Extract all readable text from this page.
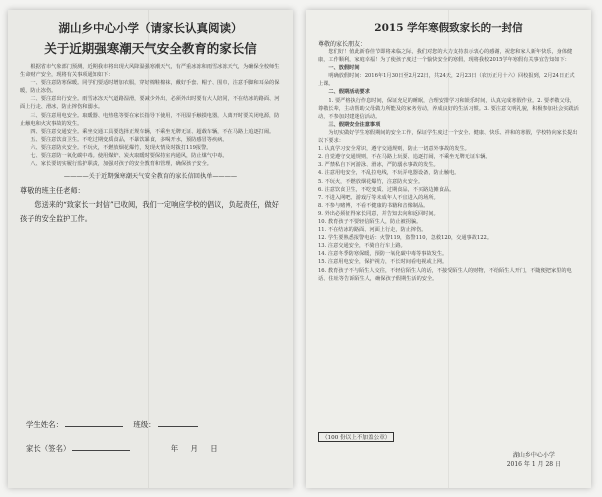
湖山乡中心小学（请家长认真阅读）
关于近期强寒潮天气安全教育的家长信

根据省市气象部门预测，近期我市将出现大风降温强寒潮天气，有严重冰冻和雨雪冰冻天气，为确保全校师生生命财产安全，现将有关事项通知如下：

一、要注意防寒保暖。同学们要适时增加衣服，穿好棉鞋棉袜，戴好手套、帽子、围巾，注意手脚和耳朵的保暖，防止冻伤。

二、要注意出行安全。雨雪冰冻天气道路湿滑，要减少外出，必须外出时要有大人陪同，不在结冰的路面、河面上行走、滑冰，防止摔伤和溺水。

三、要注意用电安全。取暖器、电热毯等要在家长指导下使用，不用湿手触摸电器，人离开时要关闭电源，防止触电和火灾事故的发生。

四、要注意交通安全。乘坐交通工具要选择正规车辆，不乘坐无牌无证、超载车辆，不在马路上追逐打闹。

五、要注意饮食卫生。不吃过期变质食品，不暴饮暴食，多喝开水，预防感冒等疾病。

六、要注意防火安全。不玩火，不燃放烟花爆竹，发现火情及时拨打119报警。

七、要注意防一氧化碳中毒。使用煤炉、炭火取暖时要保持室内通风，防止煤气中毒。

八、家长要切实履行监护职责，加强对孩子的安全教育和管理，确保孩子安全。

————关于近期强寒潮天气安全教育的家长信回执单————
尊敬的班主任老师：
您送来的“致家长一封信”已收阅，我们一定响应学校的倡议，负起责任，做好孩子的安全监护工作。
学生姓名：	班级：
家长（签名）	年 月 日
2015 学年寒假致家长的一封信
尊敬的家长朋友：

您们好！值此新春佳节即将来临之际，我们对您的大力支持表示衷心的感谢，祝您和家人新年快乐，身体健康，工作顺利，家庭幸福！为了使孩子度过一个愉快安全的寒假，现将我校2015学年寒假有关事宜告知如下：

一、放假时间

明确放假时间：2016年1月30日至2月22日，共24天，2月23日（农历正月十六）回校报到，2月24日正式上课。

二、假期活动要求

1. 要严格执行作息时间，保证充足的睡眠，合理安排学习和娱乐时间，认真完成寒假作业。2. 要孝敬父母，尊敬长辈，主动帮助父母做力所能及的家务劳动，养成良好的生活习惯。3. 要注意文明礼貌，积极参加社会实践活动，不参加封建迷信活动。

三、假期安全注意事项

为切实做好学生寒假期间的安全工作，保证学生度过一个安全、健康、快乐、祥和的寒假，学校特向家长提出以下要求：

1. 认真学习安全常识，遵守交通规则，防止一切意外事故的发生。
2. 自觉遵守交通规则，不在马路上玩耍、追逐打闹，不乘坐无牌无证车辆。
3. 严禁私自下河游泳、滑冰，严防溺水事故的发生。
4. 注意用电安全，不乱拉电线，不玩弄电器设备，防止触电。
5. 不玩火，不燃放烟花爆竹，注意防火安全。
6. 注意饮食卫生，不吃变质、过期食品，不买路边摊食品。
7. 不进入网吧、游戏厅等未成年人不宜进入的场所。
8. 不参与赌博，不看不健康的书籍和音像制品。
9. 外出必须征得家长同意，并告知去向和返回时间。
10. 教育孩子不要轻信陌生人，防止被拐骗。
11. 不在结冰的路面、河面上行走，防止摔伤。
12. 学生要熟悉报警电话：火警119，盗警110，急救120，交通事故122。
13. 注意交通安全，不骑自行车上路。
14. 注意冬季防寒保暖，预防一氧化碳中毒等事故发生。
15. 注意用电安全，保护视力，不长时间看电视或上网。
16. 教育孩子不与陌生人交往，不轻信陌生人的话，不接受陌生人的财物，不给陌生人开门，不随便把家里的电话、住址等告诉陌生人，确保孩子假期生活的安全。
（100 份以上不加盖公章）
湖山乡中心小学
2016 年 1 月 28 日
